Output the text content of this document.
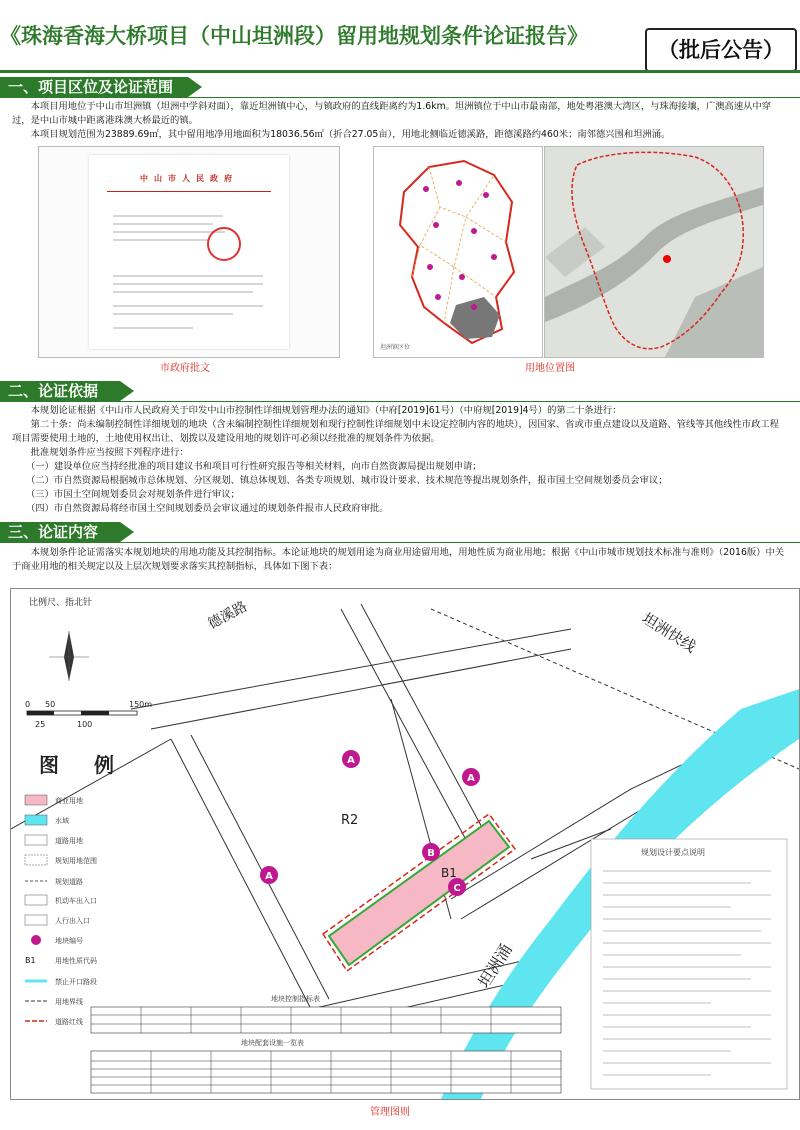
《珠海香海大桥项目（中山坦洲段）留用地规划条件论证报告》
（批后公告）
一、项目区位及论证范围

本项目用地位于中山市坦洲镇（坦洲中学斜对面），靠近坦洲镇中心，与镇政府的直线距离约为1.6km。坦洲镇位于中山市最南部，地处粤港澳大湾区，与珠海接壤，广澳高速从中穿过，是中山市城中距离港珠澳大桥最近的镇。

本项目规划范围为23889.69㎡，其中留用地净用地面积为18036.56㎡（折合27.05亩），用地北侧临近德溪路，距德溪路约460米；南邻德兴围和坦洲涌。

中山市人民政府
市政府批文
坦洲镇区位
用地位置图
二、论证依据

本规划论证根据《中山市人民政府关于印发中山市控制性详细规划管理办法的通知》（中府[2019]61号）（中府规[2019]4号）的第二十条进行：

第二十条：尚未编制控制性详细规划的地块（含未编制控制性详细规划和现行控制性详细规划中未设定控制内容的地块），因国家、省或市重点建设以及道路、管线等其他线性市政工程项目需要使用土地的，土地使用权出让、划拨以及建设用地的规划许可必须以经批准的规划条件为依据。

批准规划条件应当按照下列程序进行：

（一）建设单位应当持经批准的项目建议书和项目可行性研究报告等相关材料，向市自然资源局提出规划申请；

（二）市自然资源局根据城市总体规划、分区规划、镇总体规划、各类专项规划、城市设计要求、技术规范等提出规划条件，报市国土空间规划委员会审议；

（三）市国土空间规划委员会对规划条件进行审议；

（四）市自然资源局将经市国土空间规划委员会审议通过的规划条件报市人民政府审批。

三、论证内容

本规划条件论证需落实本规划地块的用地功能及其控制指标。本论证地块的规划用途为商业用途留用地，用地性质为商业用地；根据《中山市城市规划技术标准与准则》（2016版）中关于商业用地的相关规定以及上层次规划要求落实其控制指标，具体如下图下表：

A
A
A
B
C
R2
B1
德溪路	坦洲快线
坦洲涌
比例尺、指北针
0 50	150m
25	100
商业用地
水域
道路用地
规划用地范围
规划道路
机动车出入口
人行出入口
地块编号
B1	用地性质代码
禁止开口路段
用地界线
道路红线
规划设计要点说明
地块控制指标表
地块配套设施一览表
图 例
管理图则
